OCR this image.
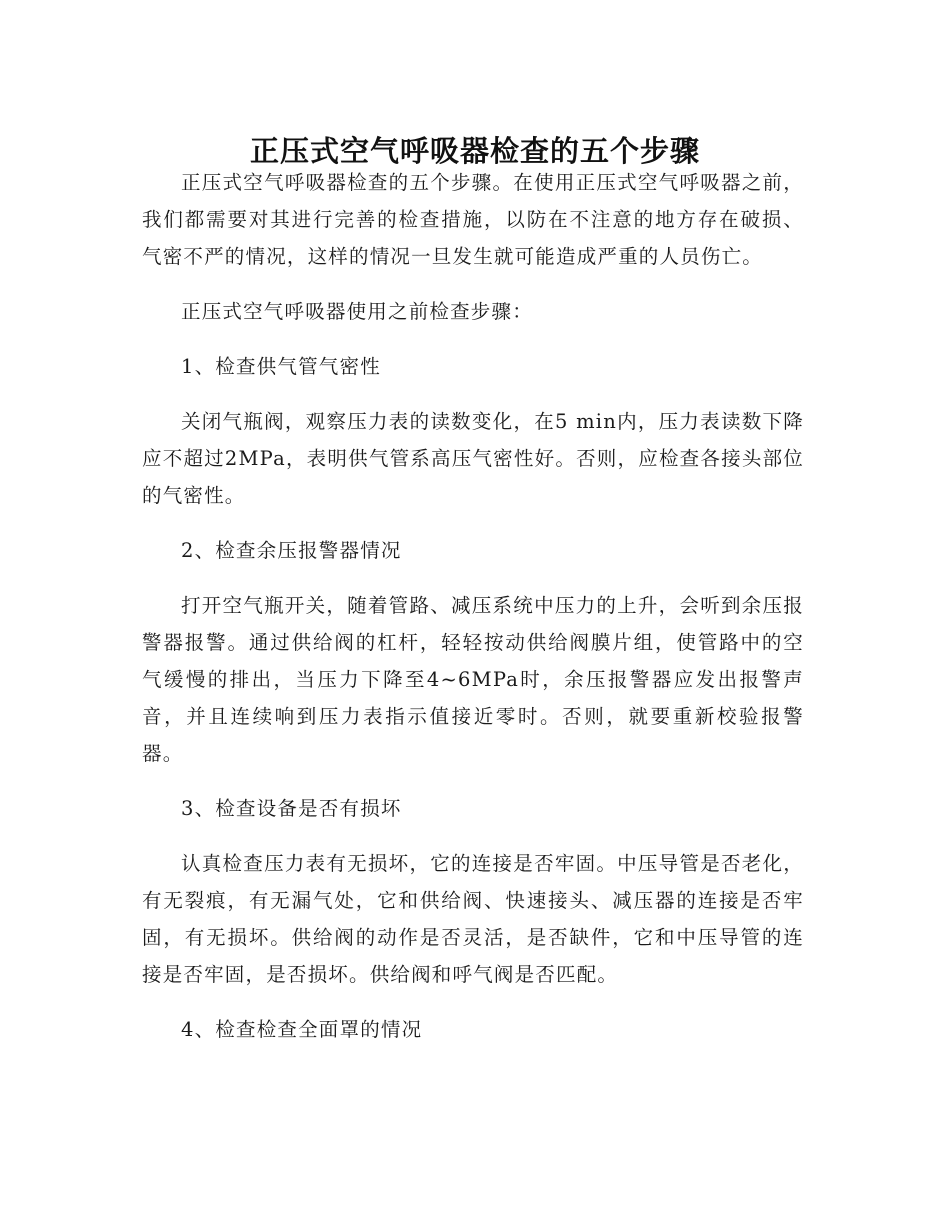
正压式空气呼吸器检查的五个步骤

正压式空气呼吸器检查的五个步骤。在使用正压式空气呼吸器之前，我们都需要对其进行完善的检查措施，以防在不注意的地方存在破损、气密不严的情况，这样的情况一旦发生就可能造成严重的人员伤亡。

正压式空气呼吸器使用之前检查步骤：

1、检查供气管气密性

关闭气瓶阀，观察压力表的读数变化，在5 min内，压力表读数下降应不超过2MPa，表明供气管系高压气密性好。否则，应检查各接头部位的气密性。

2、检查余压报警器情况

打开空气瓶开关，随着管路、减压系统中压力的上升，会听到余压报警器报警。通过供给阀的杠杆，轻轻按动供给阀膜片组，使管路中的空气缓慢的排出，当压力下降至4~6MPa时，余压报警器应发出报警声音，并且连续响到压力表指示值接近零时。否则，就要重新校验报警器。

3、检查设备是否有损坏

认真检查压力表有无损坏，它的连接是否牢固。中压导管是否老化，有无裂痕，有无漏气处，它和供给阀、快速接头、减压器的连接是否牢固，有无损坏。供给阀的动作是否灵活，是否缺件，它和中压导管的连接是否牢固，是否损坏。供给阀和呼气阀是否匹配。

4、检查检查全面罩的情况
